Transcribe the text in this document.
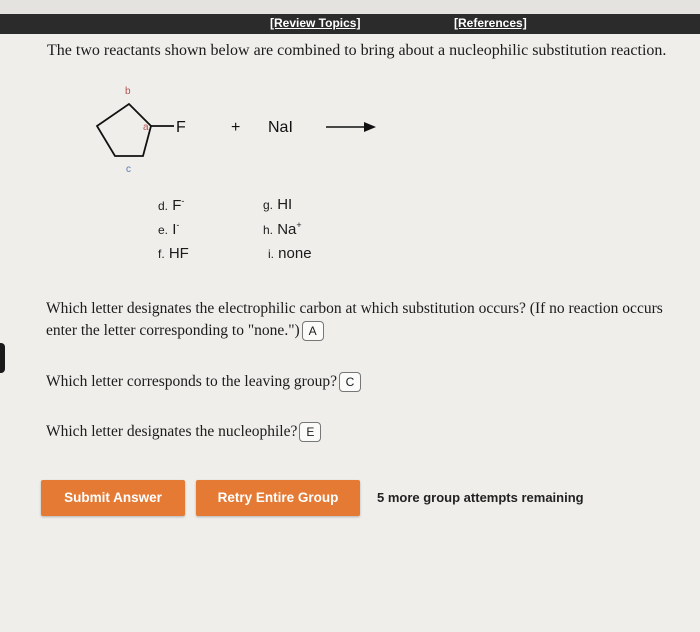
[Review Topics]	[References]
The two reactants shown below are combined to bring about a nucleophilic substitution reaction.
a
b
c
F	+ NaI
d. F-
e. I-
f. HF
g. HI
h. Na+
i. none
Which letter designates the electrophilic carbon at which substitution occurs? (If no reaction occurs enter the letter corresponding to "none.") A
Which letter corresponds to the leaving group? C
Which letter designates the nucleophile? E
Submit Answer	Retry Entire Group	5 more group attempts remaining
